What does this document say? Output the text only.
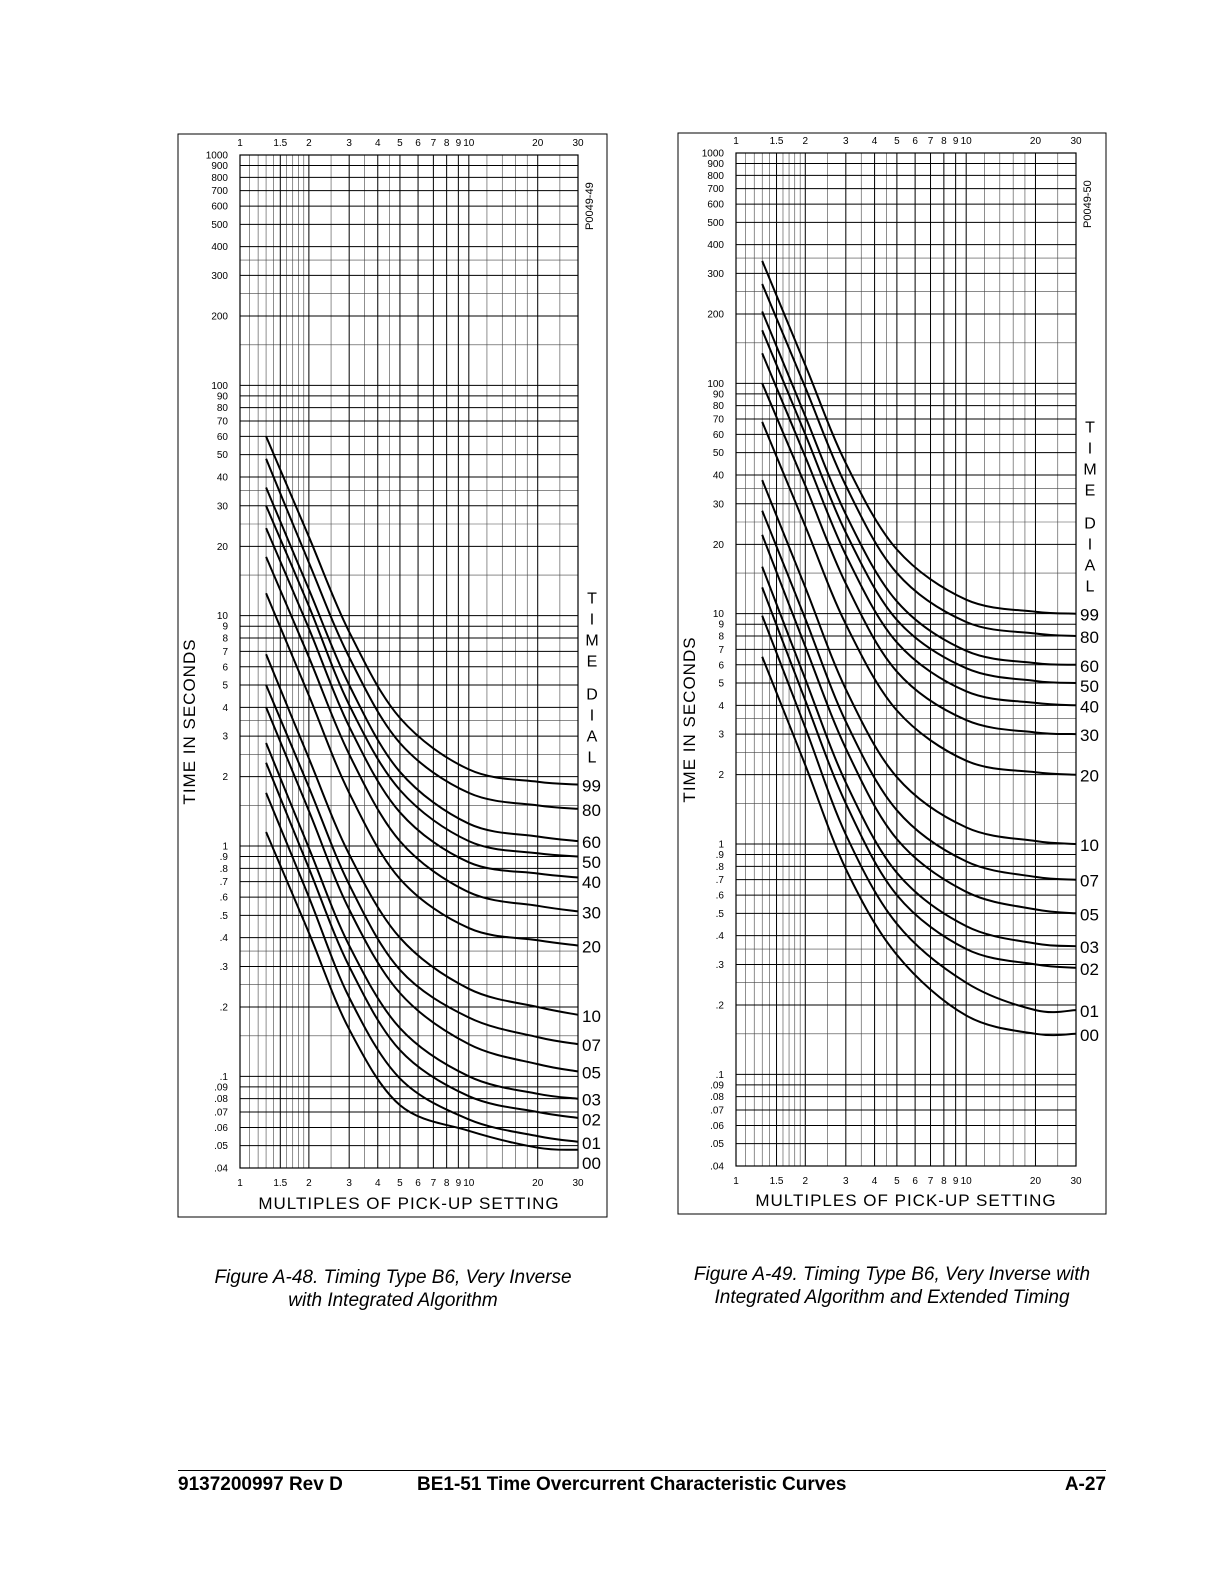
1
1
1.5
1.5
2
2
3
3
4
4
5
5
6
6
7
7
8
8
9
9
10
10
20
20
30
30
1000
900
800
700
600
500
400
300
200
100
90
80
70
60
50
40
30
20
10
9
8
7
6
5
4
3
2
1
.9
.8
.7
.6
.5
.4
.3
.2
.1
.09
.08
.07
.06
.05
.04
MULTIPLES OF PICK-UP SETTING
TIME IN SECONDS
P0049-49
99
80
60
50
40
30
20
10
07
05
03
02
01
00
T
I
M
E
D
I
A
L
1
1
1.5
1.5
2
2
3
3
4
4
5
5
6
6
7
7
8
8
9
9
10
10
20
20
30
30
1000
900
800
700
600
500
400
300
200
100
90
80
70
60
50
40
30
20
10
9
8
7
6
5
4
3
2
1
.9
.8
.7
.6
.5
.4
.3
.2
.1
.09
.08
.07
.06
.05
.04
MULTIPLES OF PICK-UP SETTING
TIME IN SECONDS
P0049-50
99
80
60
50
40
30
20
10
07
05
03
02
01
00
T
I
M
E
D
I
A
L
Figure A-48. Timing Type B6, Very Inverse
with Integrated Algorithm
Figure A-49. Timing Type B6, Very Inverse with
Integrated Algorithm and Extended Timing
9137200997 Rev D	BE1-51 Time Overcurrent Characteristic Curves	A-27
